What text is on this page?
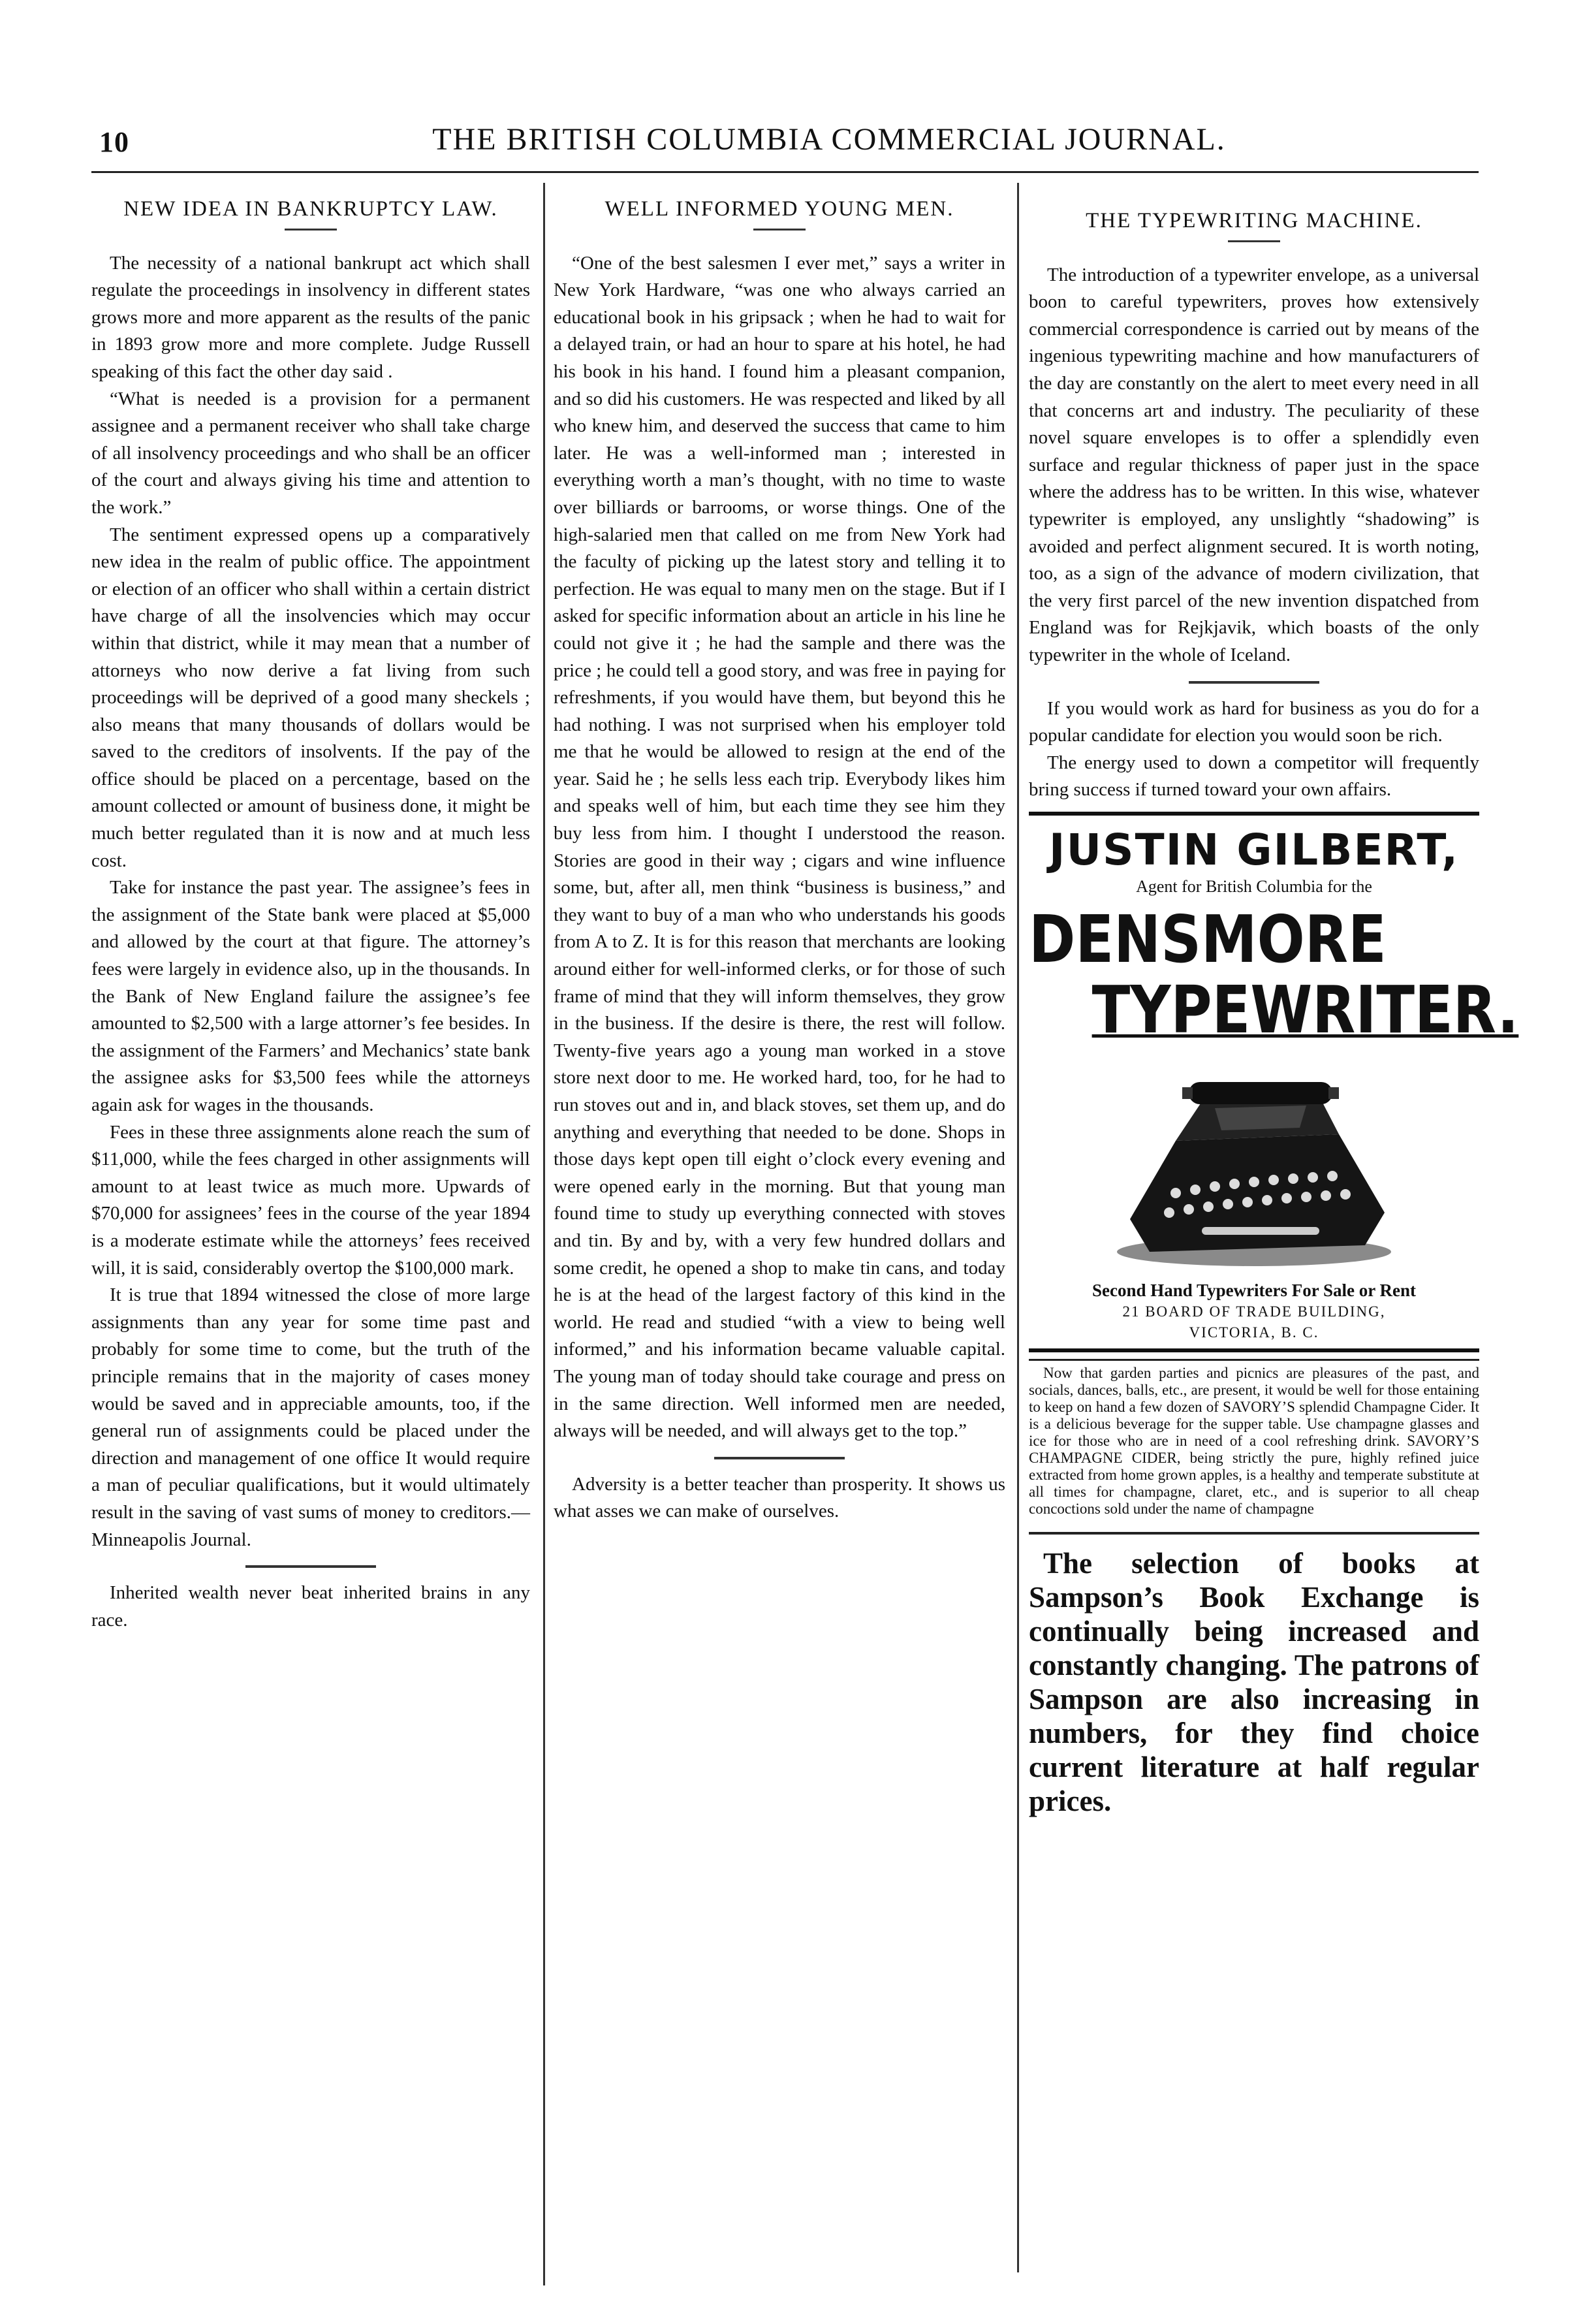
10	THE BRITISH COLUMBIA COMMERCIAL JOURNAL.
NEW IDEA IN BANKRUPTCY LAW.

The necessity of a national bankrupt act which shall regulate the proceedings in insolvency in different states grows more and more apparent as the results of the panic in 1893 grow more and more complete. Judge Russell speaking of this fact the other day said .

“What is needed is a provision for a permanent assignee and a permanent receiver who shall take charge of all insolvency proceedings and who shall be an officer of the court and always giving his time and attention to the work.”

The sentiment expressed opens up a comparatively new idea in the realm of public office. The appointment or election of an officer who shall within a certain district have charge of all the insolvencies which may occur within that district, while it may mean that a number of attorneys who now derive a fat living from such proceedings will be deprived of a good many sheckels ; also means that many thousands of dollars would be saved to the creditors of insolvents. If the pay of the office should be placed on a percentage, based on the amount collected or amount of business done, it might be much better regulated than it is now and at much less cost.

Take for instance the past year. The assignee’s fees in the assignment of the State bank were placed at $5,000 and allowed by the court at that figure. The attorney’s fees were largely in evidence also, up in the thousands. In the Bank of New England failure the assignee’s fee amounted to $2,500 with a large attorner’s fee besides. In the assignment of the Farmers’ and Mechanics’ state bank the assignee asks for $3,500 fees while the attorneys again ask for wages in the thousands.

Fees in these three assignments alone reach the sum of $11,000, while the fees charged in other assignments will amount to at least twice as much more. Upwards of $70,000 for assignees’ fees in the course of the year 1894 is a moderate estimate while the attorneys’ fees received will, it is said, considerably overtop the $100,000 mark.

It is true that 1894 witnessed the close of more large assignments than any year for some time past and probably for some time to come, but the truth of the principle remains that in the majority of cases money would be saved and in appreciable amounts, too, if the general run of assignments could be placed under the direction and management of one office It would require a man of peculiar qualifications, but it would ultimately result in the saving of vast sums of money to creditors.—Minneapolis Journal.

Inherited wealth never beat inherited brains in any race.

WELL INFORMED YOUNG MEN.

“One of the best salesmen I ever met,” says a writer in New York Hardware, “was one who always carried an educational book in his gripsack ; when he had to wait for a delayed train, or had an hour to spare at his hotel, he had his book in his hand. I found him a pleasant companion, and so did his customers. He was respected and liked by all who knew him, and deserved the success that came to him later. He was a well-informed man ; interested in everything worth a man’s thought, with no time to waste over billiards or barrooms, or worse things. One of the high-salaried men that called on me from New York had the faculty of picking up the latest story and telling it to perfection. He was equal to many men on the stage. But if I asked for specific information about an article in his line he could not give it ; he had the sample and there was the price ; he could tell a good story, and was free in paying for refreshments, if you would have them, but beyond this he had nothing. I was not surprised when his employer told me that he would be allowed to resign at the end of the year. Said he ; he sells less each trip. Everybody likes him and speaks well of him, but each time they see him they buy less from him. I thought I understood the reason. Stories are good in their way ; cigars and wine influence some, but, after all, men think “business is business,” and they want to buy of a man who who understands his goods from A to Z. It is for this reason that merchants are looking around either for well-informed clerks, or for those of such frame of mind that they will inform themselves, they grow in the business. If the desire is there, the rest will follow. Twenty-five years ago a young man worked in a stove store next door to me. He worked hard, too, for he had to run stoves out and in, and black stoves, set them up, and do anything and everything that needed to be done. Shops in those days kept open till eight o’clock every evening and were opened early in the morning. But that young man found time to study up everything connected with stoves and tin. By and by, with a very few hundred dollars and some credit, he opened a shop to make tin cans, and today he is at the head of the largest factory of this kind in the world. He read and studied “with a view to being well informed,” and his information became valuable capital. The young man of today should take courage and press on in the same direction. Well informed men are needed, always will be needed, and will always get to the top.”

Adversity is a better teacher than prosperity. It shows us what asses we can make of ourselves.

THE TYPEWRITING MACHINE.

The introduction of a typewriter envelope, as a universal boon to careful typewriters, proves how extensively commercial correspondence is carried out by means of the ingenious typewriting machine and how manufacturers of the day are constantly on the alert to meet every need in all that concerns art and industry. The peculiarity of these novel square envelopes is to offer a splendidly even surface and regular thickness of paper just in the space where the address has to be written. In this wise, whatever typewriter is employed, any unslightly “shadowing” is avoided and perfect alignment secured. It is worth noting, too, as a sign of the advance of modern civilization, that the very first parcel of the new invention dispatched from England was for Rejkjavik, which boasts of the only typewriter in the whole of Iceland.

If you would work as hard for business as you do for a popular candidate for election you would soon be rich.

The energy used to down a competitor will frequently bring success if turned toward your own affairs.

JUSTIN GILBERT,
Agent for British Columbia for the
DENSMORE
TYPEWRITER.
Second Hand Typewriters For Sale or Rent
21 BOARD OF TRADE BUILDING,
VICTORIA, B. C.

Now that garden parties and picnics are pleasures of the past, and socials, dances, balls, etc., are present, it would be well for those entaining to keep on hand a few dozen of SAVORY’S splendid Champagne Cider. It is a delicious beverage for the supper table. Use champagne glasses and ice for those who are in need of a cool refreshing drink. SAVORY’S CHAMPAGNE CIDER, being strictly the pure, highly refined juice extracted from home grown apples, is a healthy and temperate substitute at all times for champagne, claret, etc., and is superior to all cheap concoctions sold under the name of champagne

The selection of books at Sampson’s Book Exchange is continually being increased and constantly changing. The patrons of Sampson are also increasing in numbers, for they find choice current literature at half regular prices.
